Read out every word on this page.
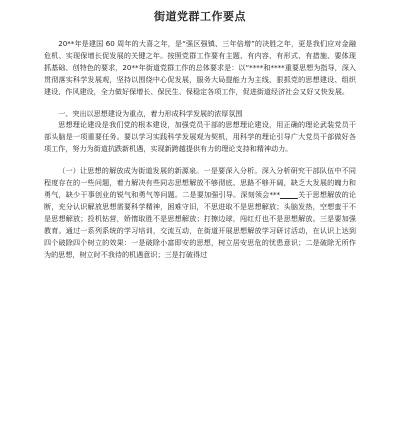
街道党群工作要点

20**年是建国 60 周年的大喜之年，是“强区强镇、三年倍增”的决胜之年，更是我们应对金融危机、实现保增长促发展的关键之年。按照党群工作要有主题、有内容、有形式、有措施、要体现抓基础、创特色的要求，20**年街道党群工作的总体要求是：以“****和****重要思想为指导，深入贯彻落实科学发展观，坚持以围绕中心促发展，服务大局提能力为主线，狠抓党的思想建设、组织建设、作风建设，全力做好保增长、保民生、保稳定各项工作，促进街道经济社会又好又快发展。

一、突出以思想建设为重点，着力形成科学发展的浓厚氛围

思想理论建设是我们党的根本建设，加强党员干部的思想理论建设，用正确的理论武装党员干部头脑是一项重要任务。要以学习实践科学发展观为契机，用科学的理论引导广大党员干部做好各项工作，努力为街道抗跌新机遇，实现新跨越提供有力的理论支持和精神动力。

（一）让思想的解放成为街道发展的新源泉。一是要深入分析。深入分析研究干部队伍中不同程度存在的一些问题，着力解决有些同志思想解放不够彻底、思路不够开阔，缺乏大发展的魄力和勇气，缺少干事创业的锐气和勇气等问题。二是要加强引导。深刻领会***_____关于思想解放的论断，充分认识解放思想需要科学精神，困难守旧，不思进取不是思想解放；头脑发热，空想蛮干不是思想解放；投机钻营，娇惰取胜不是思想解放；打擦边球，闯红灯也不是思想解放。三是要加强教育。通过一系列系统的学习培训，交流互动，在街道开展思想解放学习研讨活动，在认识上达到四个破除四个树立的效果：一是破除小富即安的思想，树立居安思危的忧患意识；二是破除无所作为的思想，树立时不我待的机遇意识；三是打破得过
